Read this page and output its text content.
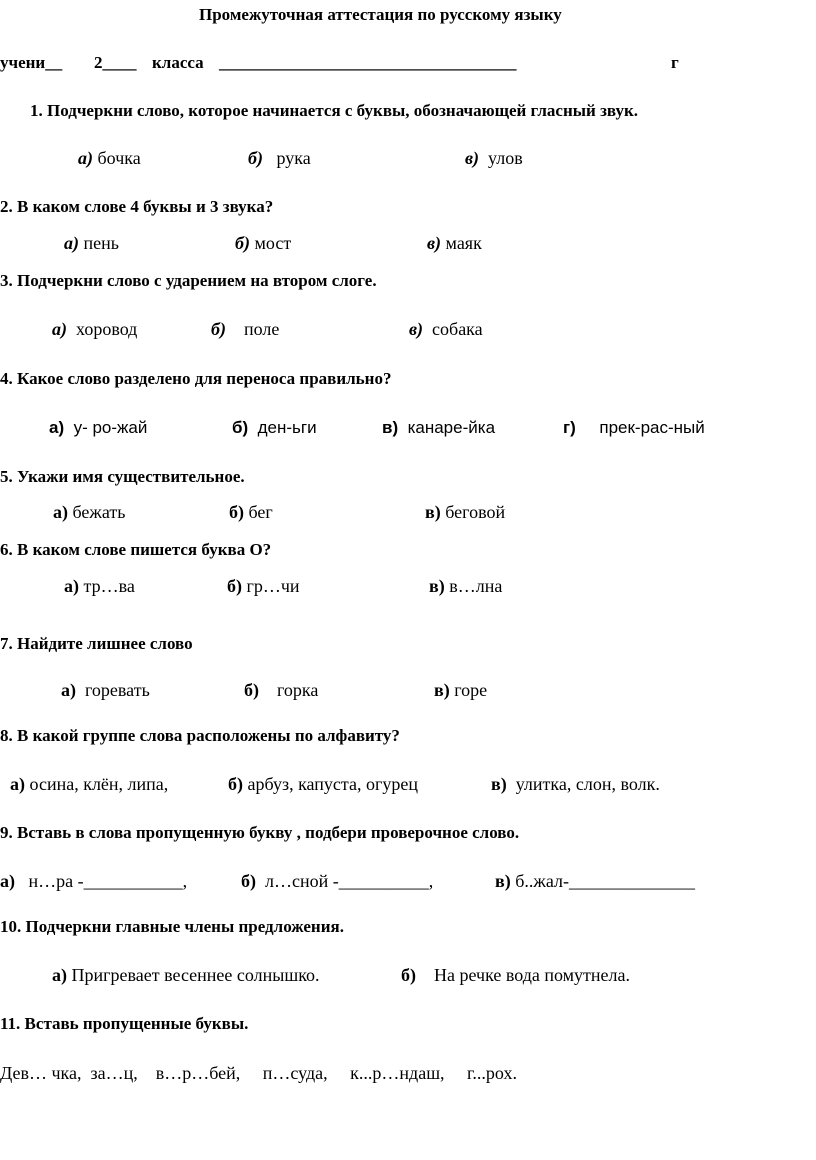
Промежуточная аттестация по русскому языку
учени__ 2____ класса ___________________________________	г
1. Подчеркни слово, которое начинается с буквы, обозначающей гласный звук.
а) бочка	б) рука	в) улов
2. В каком слове 4 буквы и 3 звука?
а) пень	б) мост	в) маяк
3. Подчеркни слово с ударением на втором слоге.
а) хоровод	б) поле	в) собака
4. Какое слово разделено для переноса правильно?
а) у- ро-жай	б) ден-ьги	в) канаре-йка	г) прек-рас-ный
5. Укажи имя существительное.
а) бежать	б) бег	в) беговой
6. В каком слове пишется буква О?
а) тр…ва	б) гр…чи	в) в…лна
7. Найдите лишнее слово
а) горевать	б) горка	в) горе
8. В какой группе слова расположены по алфавиту?
а) осина, клён, липа,	б) арбуз, капуста, огурец	в) улитка, слон, волк.
9. Вставь в слова пропущенную букву , подбери проверочное слово.
а) н…ра -___________,	б) л…сной -__________,	в) б..жал-______________
10. Подчеркни главные члены предложения.
а) Пригревает весеннее солнышко.	б) На речке вода помутнела.
11. Вставь пропущенные буквы.
Дев… чка,  за…ц,    в…р…бей,     п…суда,     к...р…ндаш,     г...рох.
